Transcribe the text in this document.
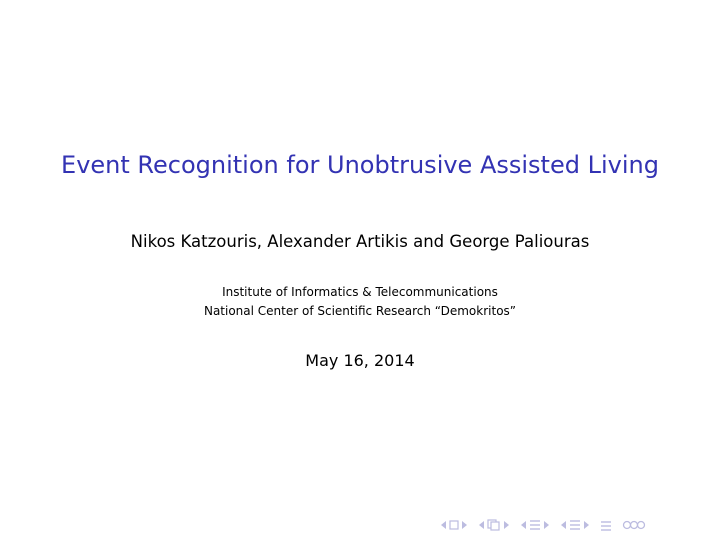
Event Recognition for Unobtrusive Assisted Living
Nikos Katzouris, Alexander Artikis and George Paliouras
Institute of Informatics & Telecommunications
National Center of Scientific Research “Demokritos”
May 16, 2014
